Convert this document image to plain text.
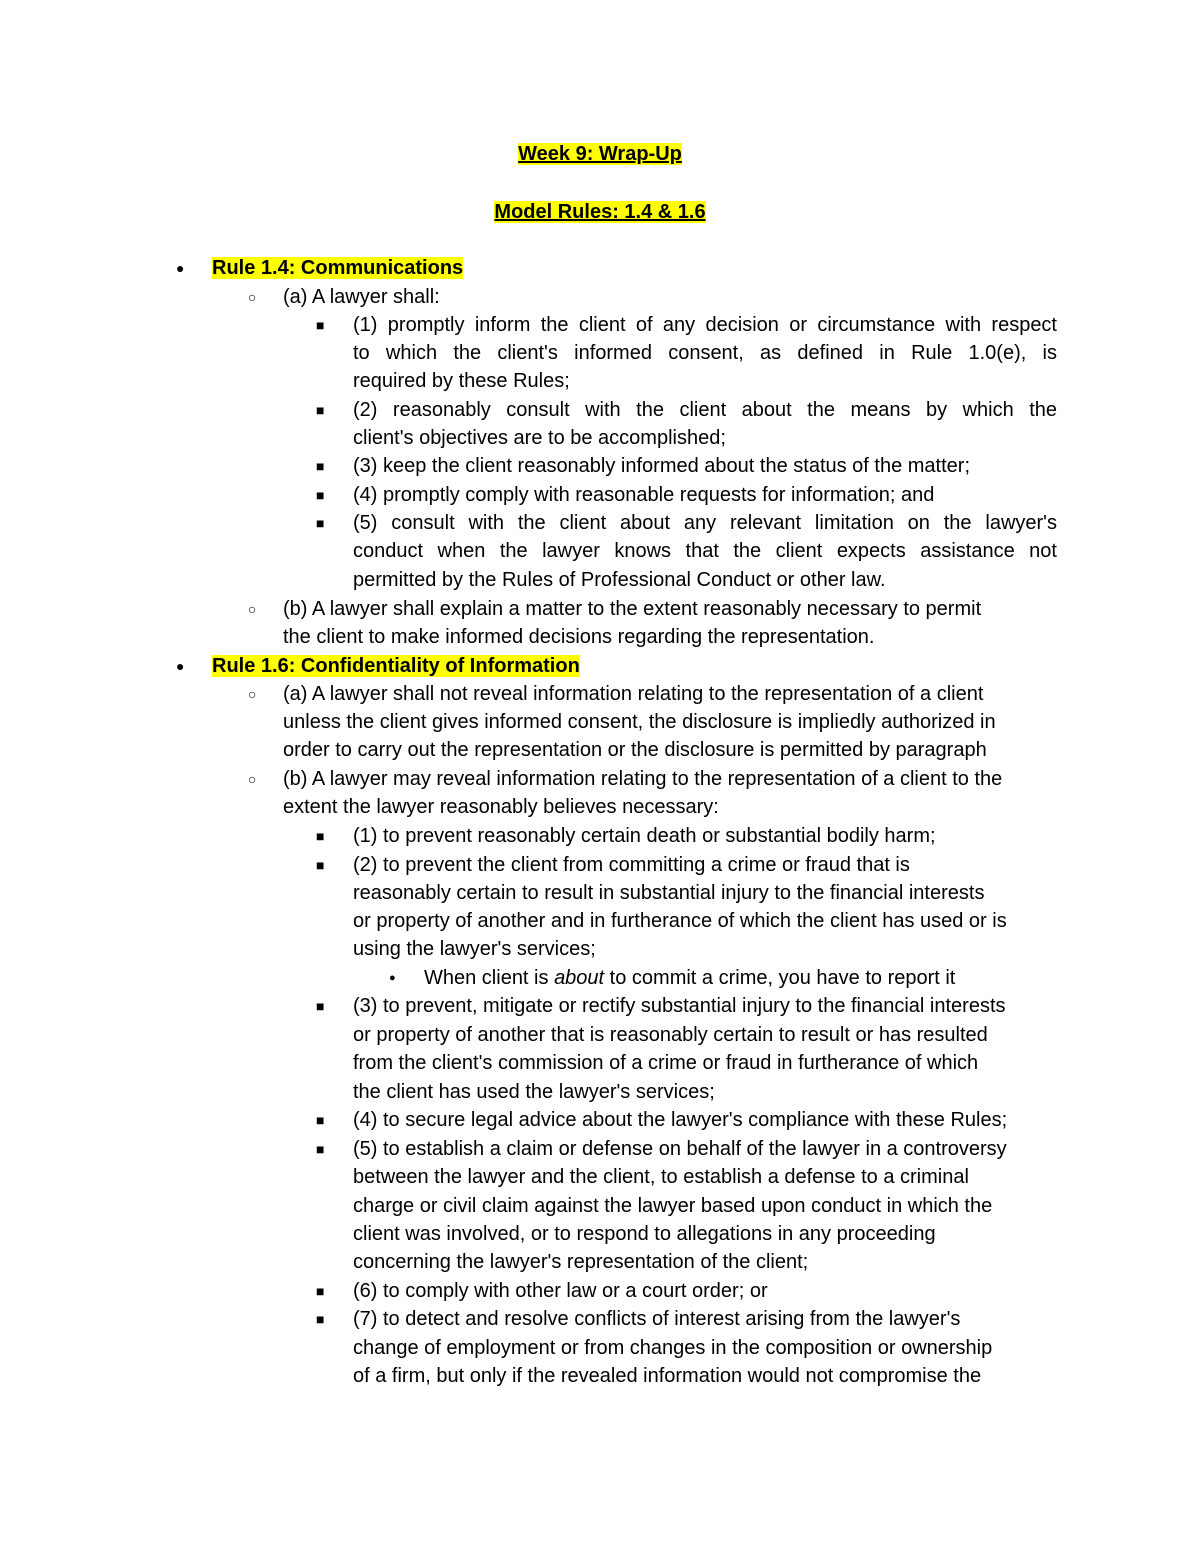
Week 9: Wrap-Up
Model Rules: 1.4 & 1.6
● Rule 1.4: Communications
○ (a) A lawyer shall:
■ (1) promptly inform the client of any decision or circumstance with respect
to which the client's informed consent, as defined in Rule 1.0(e), is
required by these Rules;
■ (2) reasonably consult with the client about the means by which the
client's objectives are to be accomplished;
■ (3) keep the client reasonably informed about the status of the matter;
■ (4) promptly comply with reasonable requests for information; and
■ (5) consult with the client about any relevant limitation on the lawyer's
conduct when the lawyer knows that the client expects assistance not
permitted by the Rules of Professional Conduct or other law.
○ (b) A lawyer shall explain a matter to the extent reasonably necessary to permit
the client to make informed decisions regarding the representation.
● Rule 1.6: Confidentiality of Information
○ (a) A lawyer shall not reveal information relating to the representation of a client
unless the client gives informed consent, the disclosure is impliedly authorized in
order to carry out the representation or the disclosure is permitted by paragraph
○ (b) A lawyer may reveal information relating to the representation of a client to the
extent the lawyer reasonably believes necessary:
■ (1) to prevent reasonably certain death or substantial bodily harm;
■ (2) to prevent the client from committing a crime or fraud that is
reasonably certain to result in substantial injury to the financial interests
or property of another and in furtherance of which the client has used or is
using the lawyer's services;
● When client is about to commit a crime, you have to report it
■ (3) to prevent, mitigate or rectify substantial injury to the financial interests
or property of another that is reasonably certain to result or has resulted
from the client's commission of a crime or fraud in furtherance of which
the client has used the lawyer's services;
■ (4) to secure legal advice about the lawyer's compliance with these Rules;
■ (5) to establish a claim or defense on behalf of the lawyer in a controversy
between the lawyer and the client, to establish a defense to a criminal
charge or civil claim against the lawyer based upon conduct in which the
client was involved, or to respond to allegations in any proceeding
concerning the lawyer's representation of the client;
■ (6) to comply with other law or a court order; or
■ (7) to detect and resolve conflicts of interest arising from the lawyer's
change of employment or from changes in the composition or ownership
of a firm, but only if the revealed information would not compromise the
